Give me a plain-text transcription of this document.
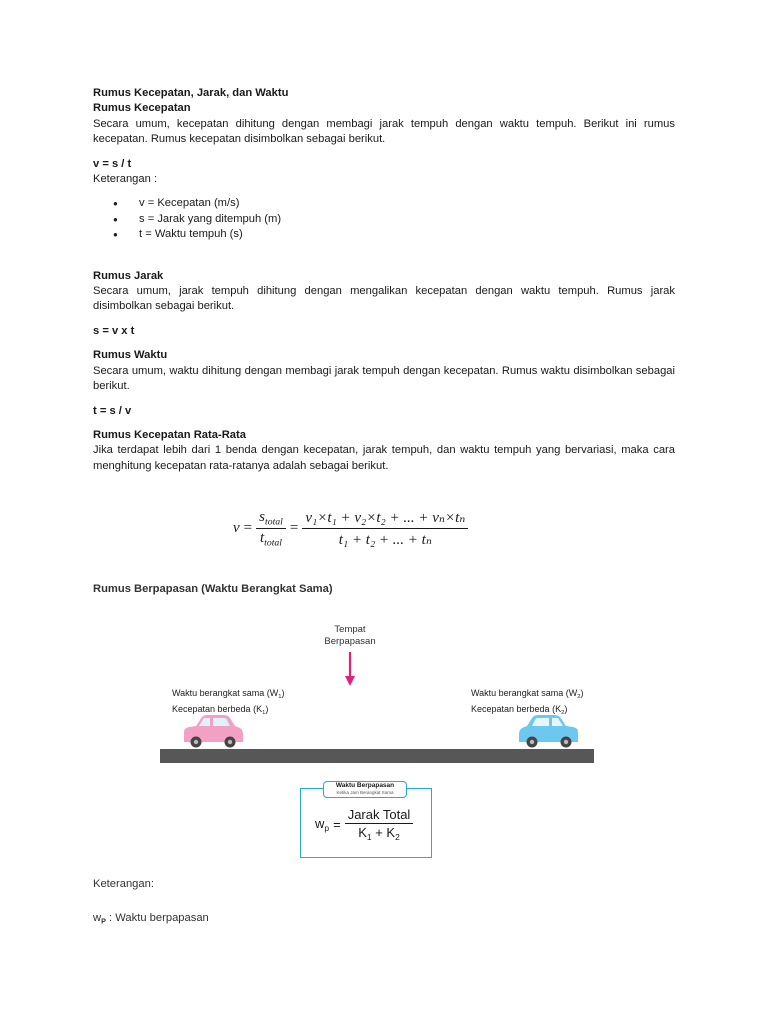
Rumus Kecepatan, Jarak, dan Waktu
Rumus Kecepatan

Secara umum, kecepatan dihitung dengan membagi jarak tempuh dengan waktu tempuh. Berikut ini rumus kecepatan. Rumus kecepatan disimbolkan sebagai berikut.

v = s / t
Keterangan :
● v = Kecepatan (m/s)
● s = Jarak yang ditempuh (m)
● t = Waktu tempuh (s)
Rumus Jarak

Secara umum, jarak tempuh dihitung dengan mengalikan kecepatan dengan waktu tempuh. Rumus jarak disimbolkan sebagai berikut.

s = v x t
Rumus Waktu

Secara umum, waktu dihitung dengan membagi jarak tempuh dengan kecepatan. Rumus waktu disimbolkan sebagai berikut.

t = s / v
Rumus Kecepatan Rata-Rata

Jika terdapat lebih dari 1 benda dengan kecepatan, jarak tempuh, dan waktu tempuh yang bervariasi, maka cara menghitung kecepatan rata-ratanya adalah sebagai berikut.

$v = \frac{s_{total}}{t_{total}} = \frac{\text{v₁×t₁ + v₂×t₂ + ... + vₙ×tₙ}}{\text{t₁ + t₂ + ... + tₙ}}$
Rumus Berpapasan (Waktu Berangkat Sama)
Tempat
Berpapasan
Waktu berangkat sama $(W_1)$
Kecepatan berbeda $(K_1)$
Waktu berangkat sama $(W_2)$
Kecepatan berbeda $(K_2)$
Waktu Berpapasan
Ketika Jam Berangkat Sama
$w_p = \frac{\text{Jarak Total}}{K_1 + K_2}$
Keterangan:
$w_P$ : Waktu berpapasan
